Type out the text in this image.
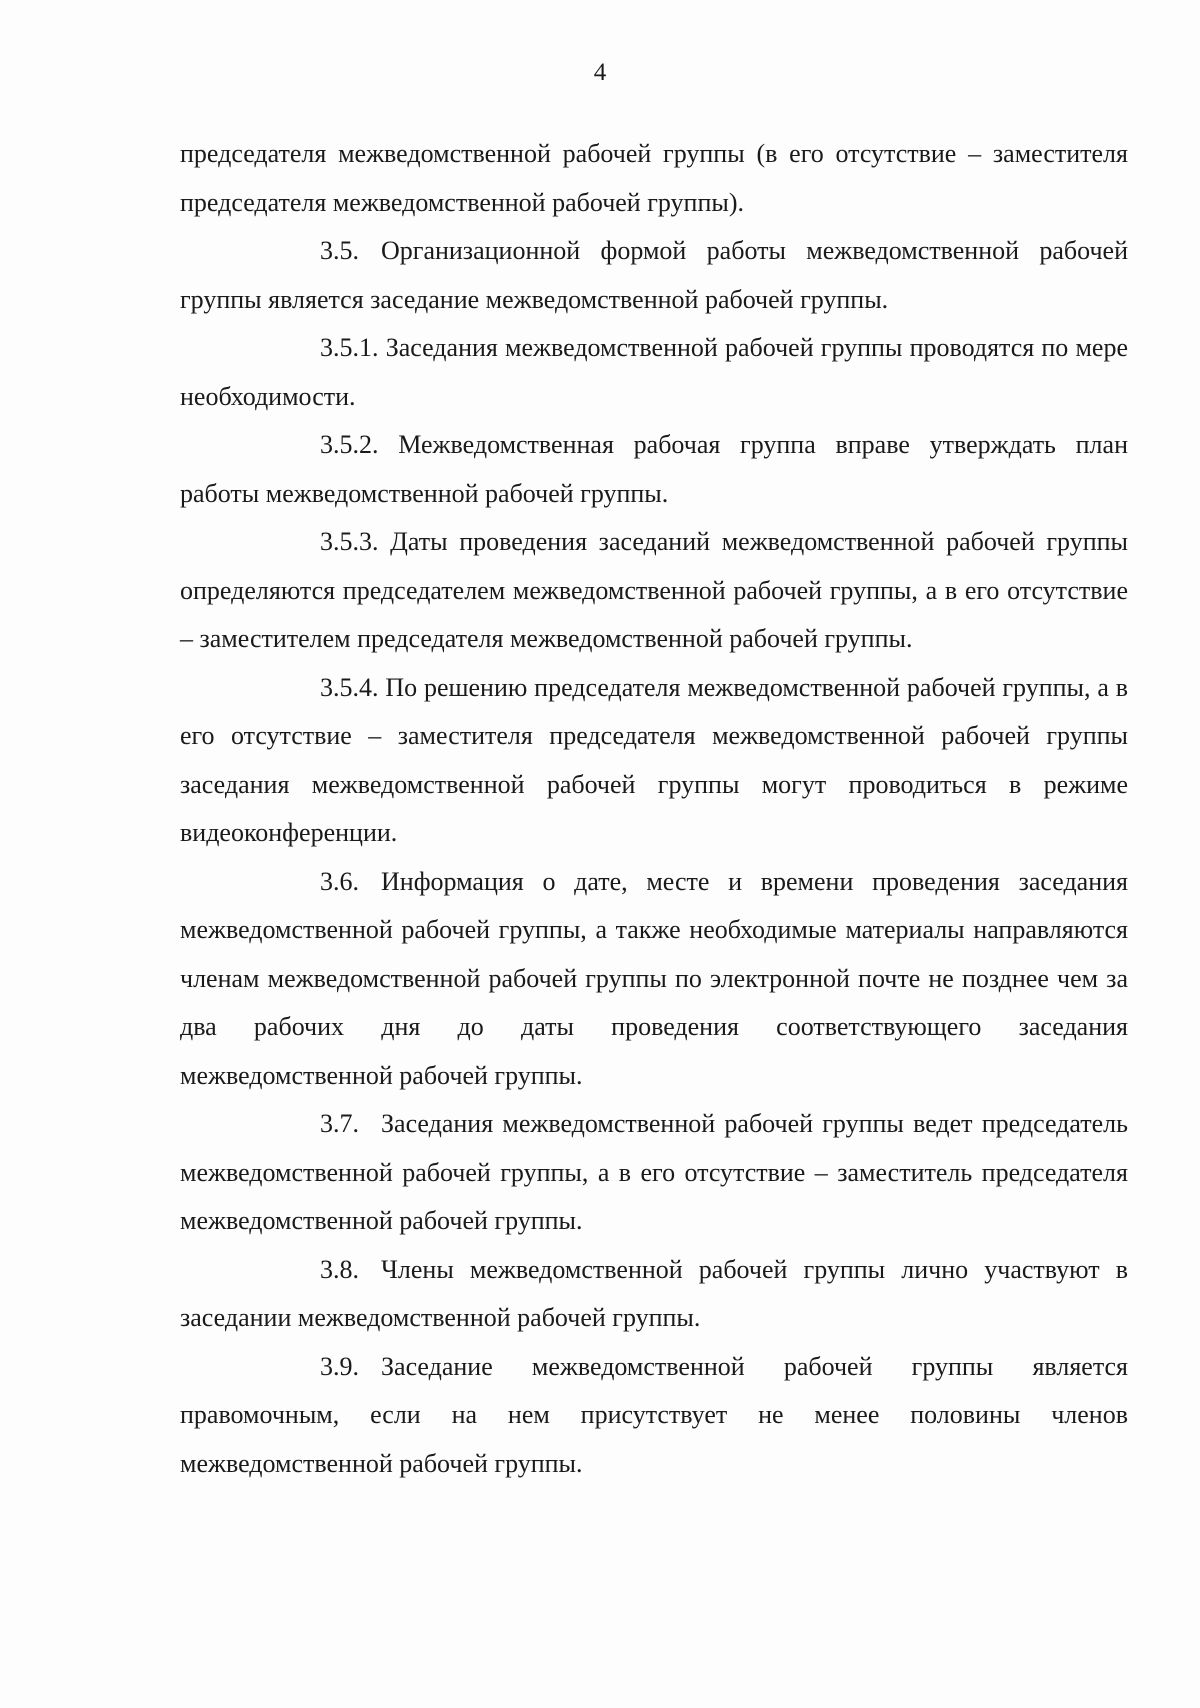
4

председателя межведомственной рабочей группы (в его отсутствие – заместителя председателя межведомственной рабочей группы).

3.5. Организационной формой работы межведомственной рабочей группы является заседание межведомственной рабочей группы.

3.5.1. Заседания межведомственной рабочей группы проводятся по мере необходимости.

3.5.2. Межведомственная рабочая группа вправе утверждать план работы межведомственной рабочей группы.

3.5.3. Даты проведения заседаний межведомственной рабочей группы определяются председателем межведомственной рабочей группы, а в его отсутствие – заместителем председателя межведомственной рабочей группы.

3.5.4. По решению председателя межведомственной рабочей группы, а в его отсутствие – заместителя председателя межведомственной рабочей группы заседания межведомственной рабочей группы могут проводиться в режиме видеоконференции.

3.6. Информация о дате, месте и времени проведения заседания межведомственной рабочей группы, а также необходимые материалы направляются членам межведомственной рабочей группы по электронной почте не позднее чем за два рабочих дня до даты проведения соответствующего заседания межведомственной рабочей группы.

3.7. Заседания межведомственной рабочей группы ведет председатель межведомственной рабочей группы, а в его отсутствие – заместитель председателя межведомственной рабочей группы.

3.8. Члены межведомственной рабочей группы лично участвуют в заседании межведомственной рабочей группы.

3.9. Заседание межведомственной рабочей группы является правомочным, если на нем присутствует не менее половины членов межведомственной рабочей группы.
